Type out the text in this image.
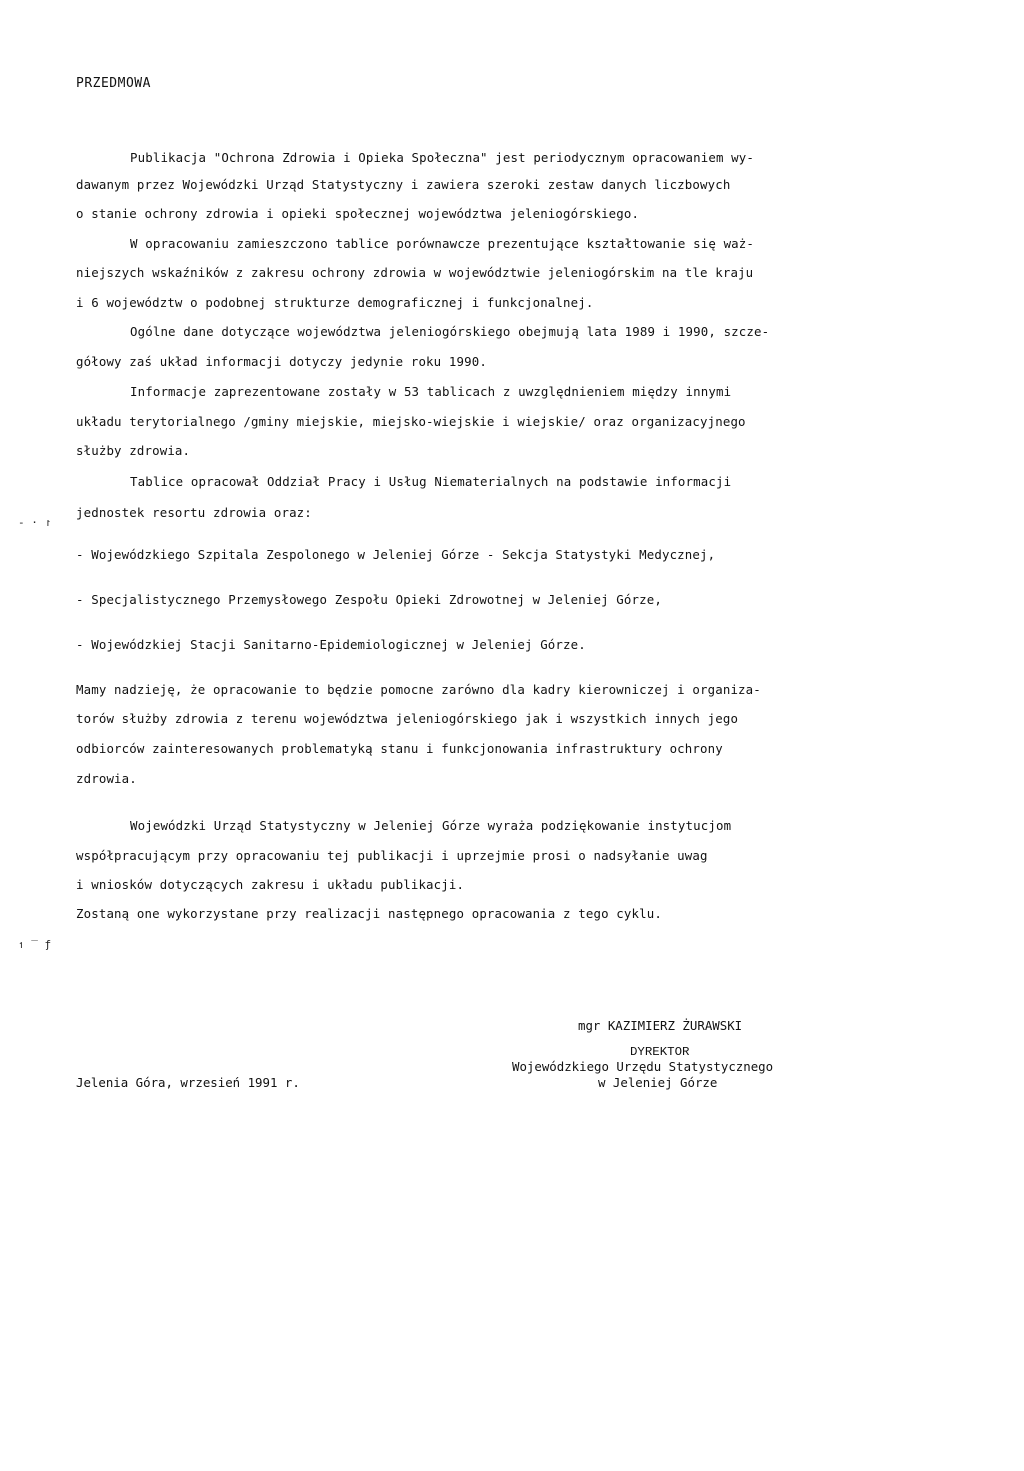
PRZEDMOWA
Publikacja "Ochrona Zdrowia i Opieka Społeczna" jest periodycznym opracowaniem wy-
dawanym przez Wojewódzki Urząd Statystyczny i zawiera szeroki zestaw danych liczbowych
o stanie ochrony zdrowia i opieki społecznej województwa jeleniogórskiego.
W opracowaniu zamieszczono tablice porównawcze prezentujące kształtowanie się waż-
niejszych wskaźników z zakresu ochrony zdrowia w województwie jeleniogórskim na tle kraju
i 6 województw o podobnej strukturze demograficznej i funkcjonalnej.
Ogólne dane dotyczące województwa jeleniogórskiego obejmują lata 1989 i 1990, szcze-
gółowy zaś układ informacji dotyczy jedynie roku 1990.
Informacje zaprezentowane zostały w 53 tablicach z uwzględnieniem między innymi
układu terytorialnego /gminy miejskie, miejsko-wiejskie i wiejskie/ oraz organizacyjnego
służby zdrowia.
Tablice opracował Oddział Pracy i Usług Niematerialnych na podstawie informacji
jednostek resortu zdrowia oraz:
- Wojewódzkiego Szpitala Zespolonego w Jeleniej Górze - Sekcja Statystyki Medycznej,
- Specjalistycznego Przemysłowego Zespołu Opieki Zdrowotnej w Jeleniej Górze,
- Wojewódzkiej Stacji Sanitarno-Epidemiologicznej w Jeleniej Górze.
Mamy nadzieję, że opracowanie to będzie pomocne zarówno dla kadry kierowniczej i organiza-
torów służby zdrowia z terenu województwa jeleniogórskiego jak i wszystkich innych jego
odbiorców zainteresowanych problematyką stanu i funkcjonowania infrastruktury ochrony
zdrowia.
Wojewódzki Urząd Statystyczny w Jeleniej Górze wyraża podziękowanie instytucjom
współpracującym przy opracowaniu tej publikacji i uprzejmie prosi o nadsyłanie uwag
i wniosków dotyczących zakresu i układu publikacji.
Zostaną one wykorzystane przy realizacji następnego opracowania z tego cyklu.
- · ↾
↿ ‾ ƒ
mgr KAZIMIERZ ŻURAWSKI
DYREKTOR
Wojewódzkiego Urzędu Statystycznego
w Jeleniej Górze
Jelenia Góra, wrzesień 1991 r.
